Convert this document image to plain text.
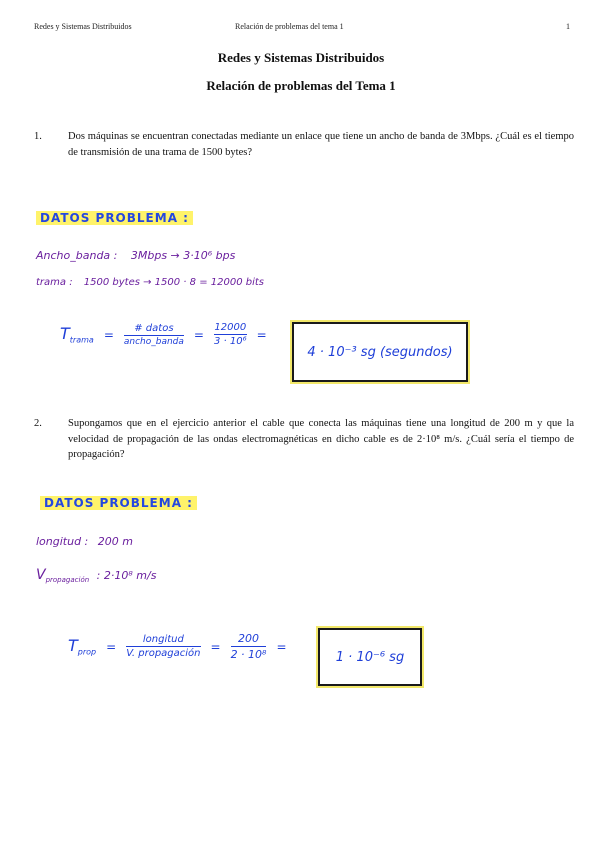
Redes y Sistemas Distribuidos	Relación de problemas del tema 1	1
Redes y Sistemas Distribuidos
Relación de problemas del Tema 1
1. Dos máquinas se encuentran conectadas mediante un enlace que tiene un ancho de banda de 3Mbps. ¿Cuál es el tiempo de transmisión de una trama de 1500 bytes?
DATOS PROBLEMA :
Ancho_banda : 3Mbps → 3·10⁶ bps
trama : 1500 bytes → 1500 · 8 = 12000 bits
$T_{trama} = \frac{\text{\# datos}}{\text{ancho\_banda}} = \frac{12000}{\text{3 · 10⁶}}$ =
4 · 10⁻³ sg (segundos)
2. Supongamos que en el ejercicio anterior el cable que conecta las máquinas tiene una longitud de 200 m y que la velocidad de propagación de las ondas electromagnéticas en dicho cable es de 2·10⁸ m/s. ¿Cuál sería el tiempo de propagación?
DATOS PROBLEMA :
longitud : 200 m
$V_{propagación}$ : 2·10⁸ m/s
$T_{prop} = \frac{\text{longitud}}{\text{V. propagación}} = \frac{200}{\text{2 · 10⁸}}$ =
1 · 10⁻⁶ sg
